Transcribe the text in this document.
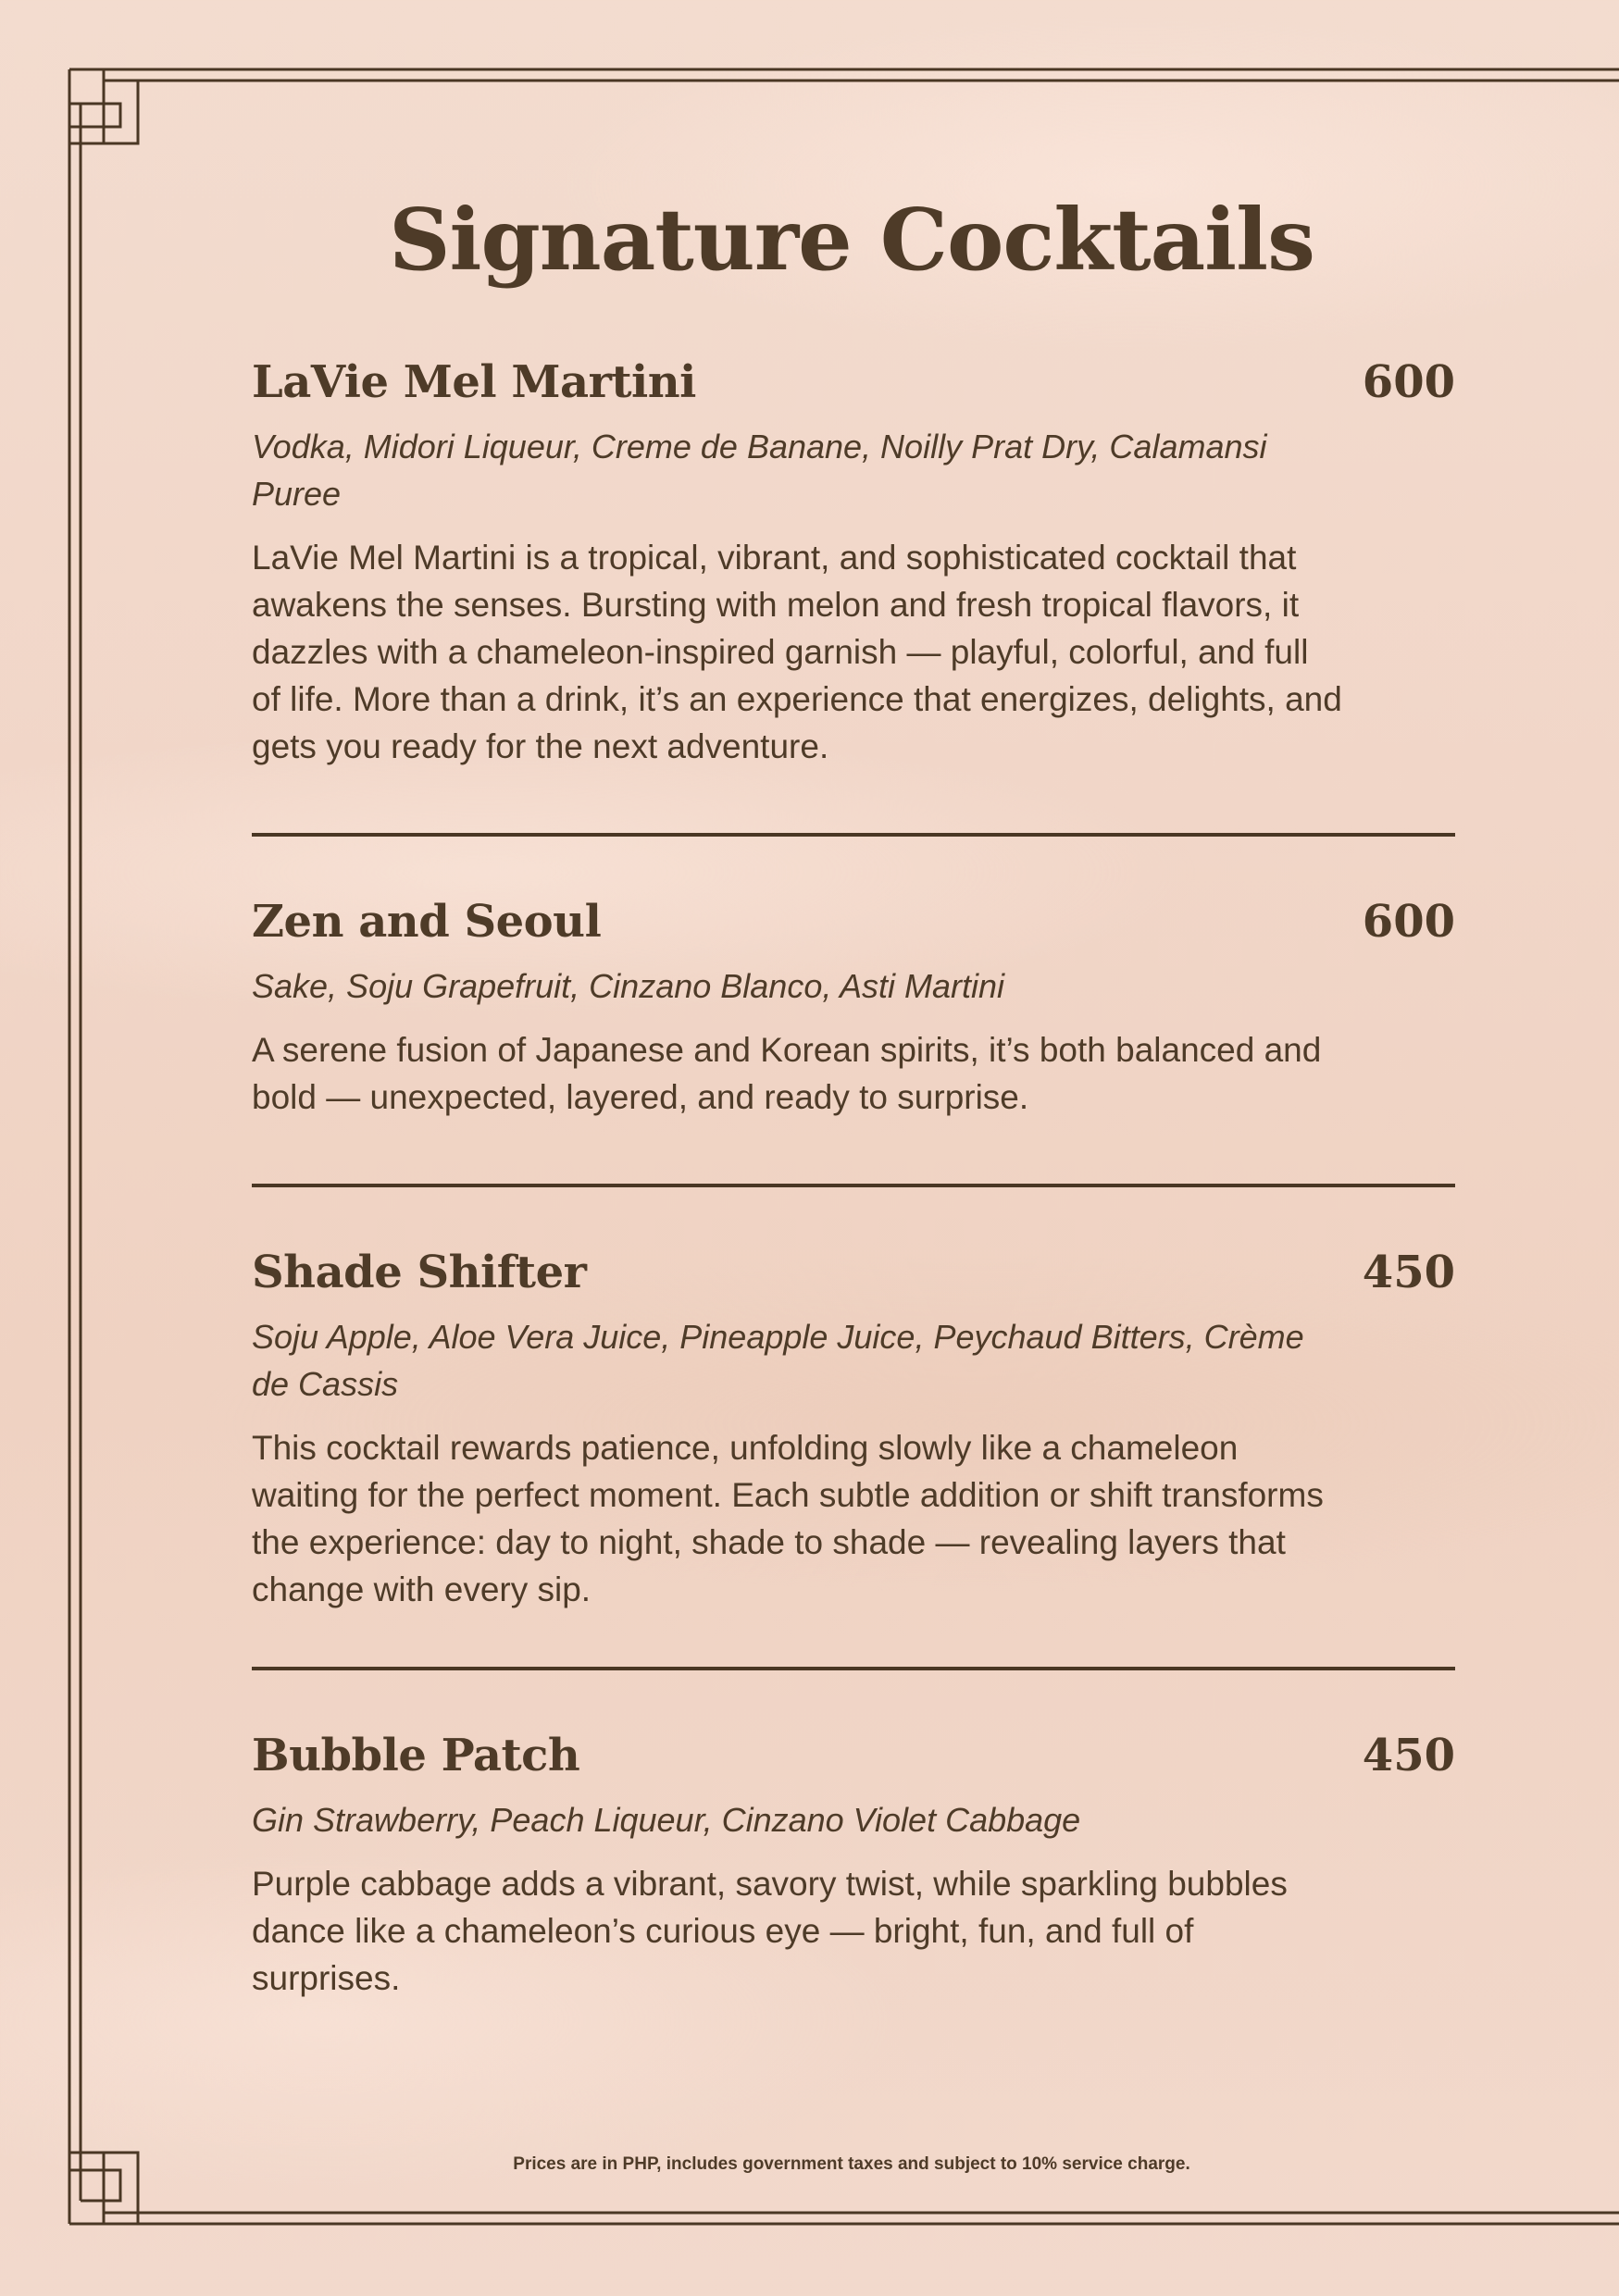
Signature Cocktails
LaVie Mel Martini	600
Vodka, Midori Liqueur, Creme de Banane, Noilly Prat Dry, Calamansi Puree
LaVie Mel Martini is a tropical, vibrant, and sophisticated cocktail that awakens the senses. Bursting with melon and fresh tropical flavors, it dazzles with a chameleon-inspired garnish — playful, colorful, and full of life. More than a drink, it’s an experience that energizes, delights, and gets you ready for the next adventure.
Zen and Seoul	600
Sake, Soju Grapefruit, Cinzano Blanco, Asti Martini
A serene fusion of Japanese and Korean spirits, it’s both balanced and bold — unexpected, layered, and ready to surprise.
Shade Shifter	450
Soju Apple, Aloe Vera Juice, Pineapple Juice, Peychaud Bitters, Crème de Cassis
This cocktail rewards patience, unfolding slowly like a chameleon waiting for the perfect moment. Each subtle addition or shift transforms the experience: day to night, shade to shade — revealing layers that change with every sip.
Bubble Patch	450
Gin Strawberry, Peach Liqueur, Cinzano Violet Cabbage
Purple cabbage adds a vibrant, savory twist, while sparkling bubbles dance like a chameleon’s curious eye — bright, fun, and full of surprises.
Prices are in PHP, includes government taxes and subject to 10% service charge.
